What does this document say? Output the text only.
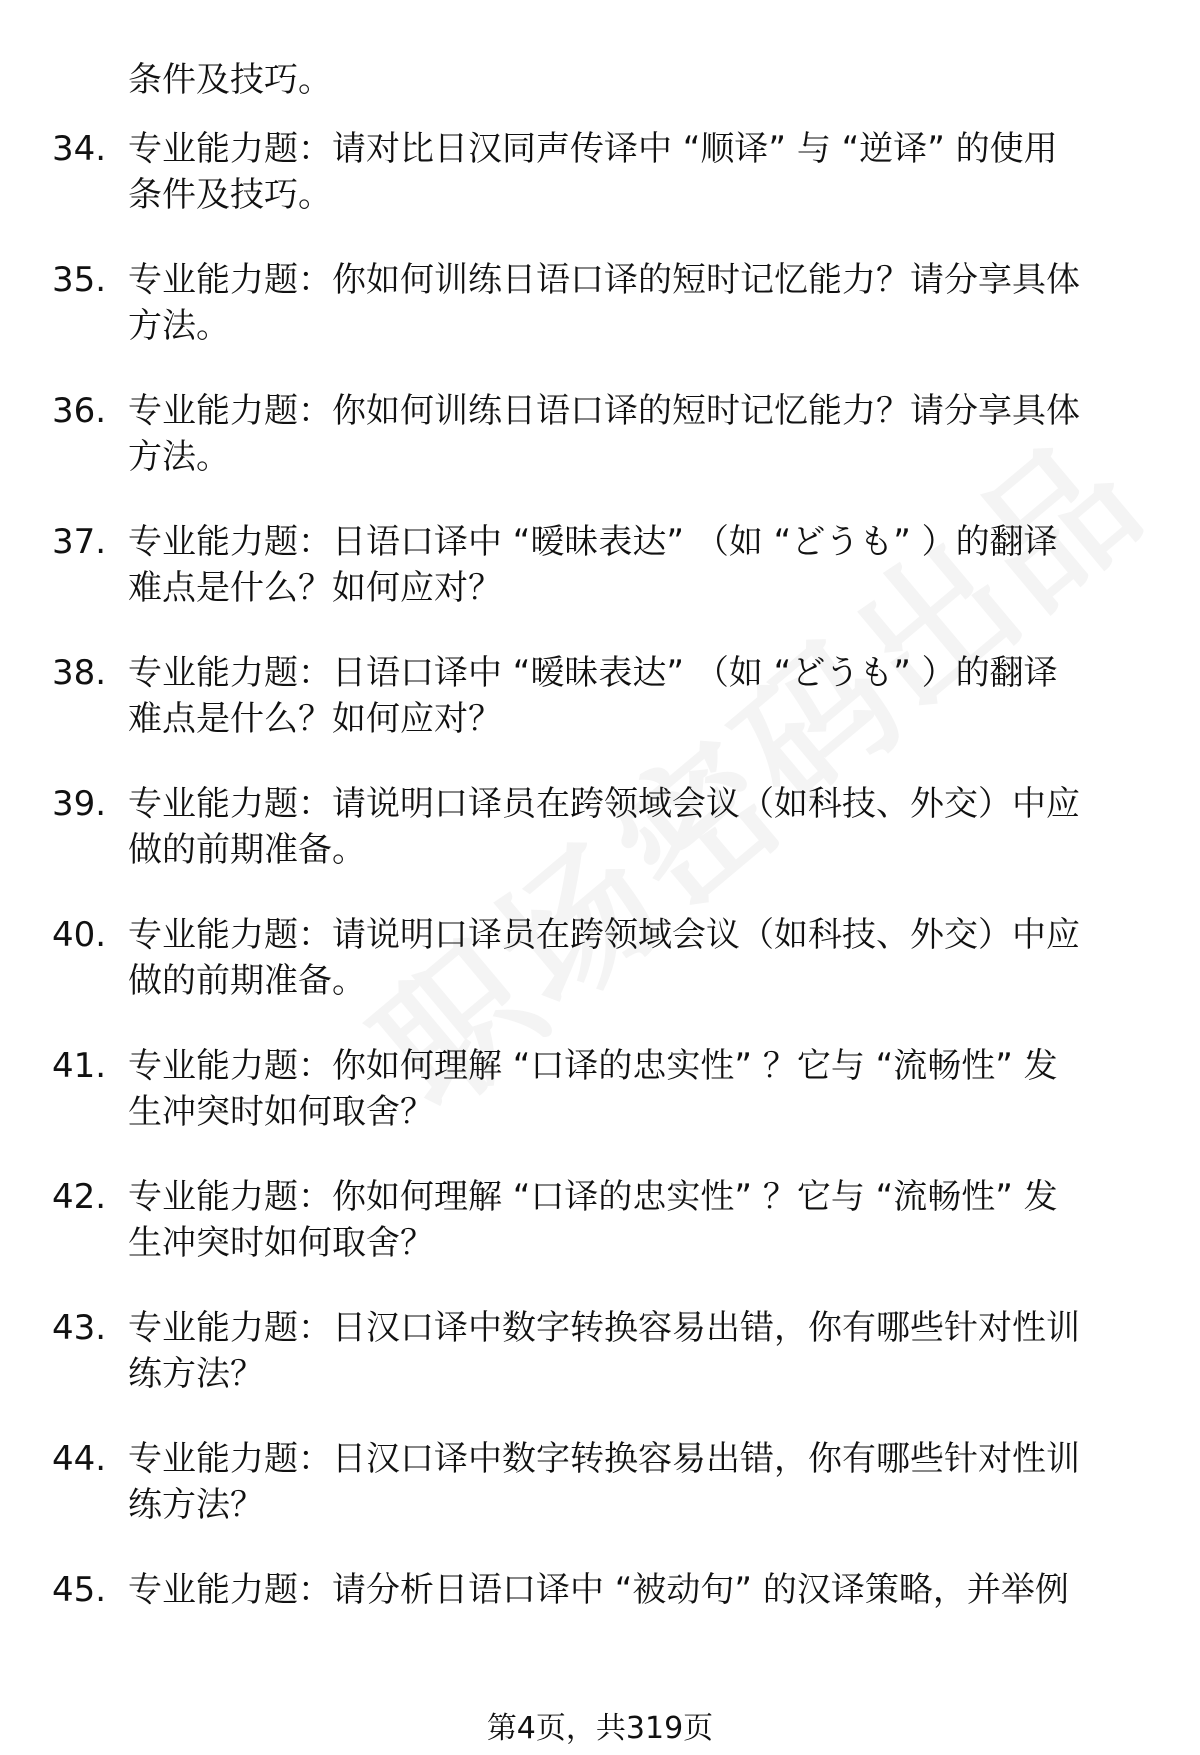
条件及技巧。
34. 专业能力题：请对比日汉同声传译中 “顺译” 与 “逆译” 的使用
条件及技巧。
35. 专业能力题：你如何训练日语口译的短时记忆能力？请分享具体
方法。
36. 专业能力题：你如何训练日语口译的短时记忆能力？请分享具体
方法。
37. 专业能力题：日语口译中 “暧昧表达” （如 “どうも” ）的翻译
难点是什么？如何应对？
38. 专业能力题：日语口译中 “暧昧表达” （如 “どうも” ）的翻译
难点是什么？如何应对？
39. 专业能力题：请说明口译员在跨领域会议（如科技、外交）中应
做的前期准备。
40. 专业能力题：请说明口译员在跨领域会议（如科技、外交）中应
做的前期准备。
41. 专业能力题：你如何理解 “口译的忠实性” ？它与 “流畅性” 发
生冲突时如何取舍？
42. 专业能力题：你如何理解 “口译的忠实性” ？它与 “流畅性” 发
生冲突时如何取舍？
43. 专业能力题：日汉口译中数字转换容易出错，你有哪些针对性训
练方法？
44. 专业能力题：日汉口译中数字转换容易出错，你有哪些针对性训
练方法？
45. 专业能力题：请分析日语口译中 “被动句” 的汉译策略，并举例
第4页，共319页
